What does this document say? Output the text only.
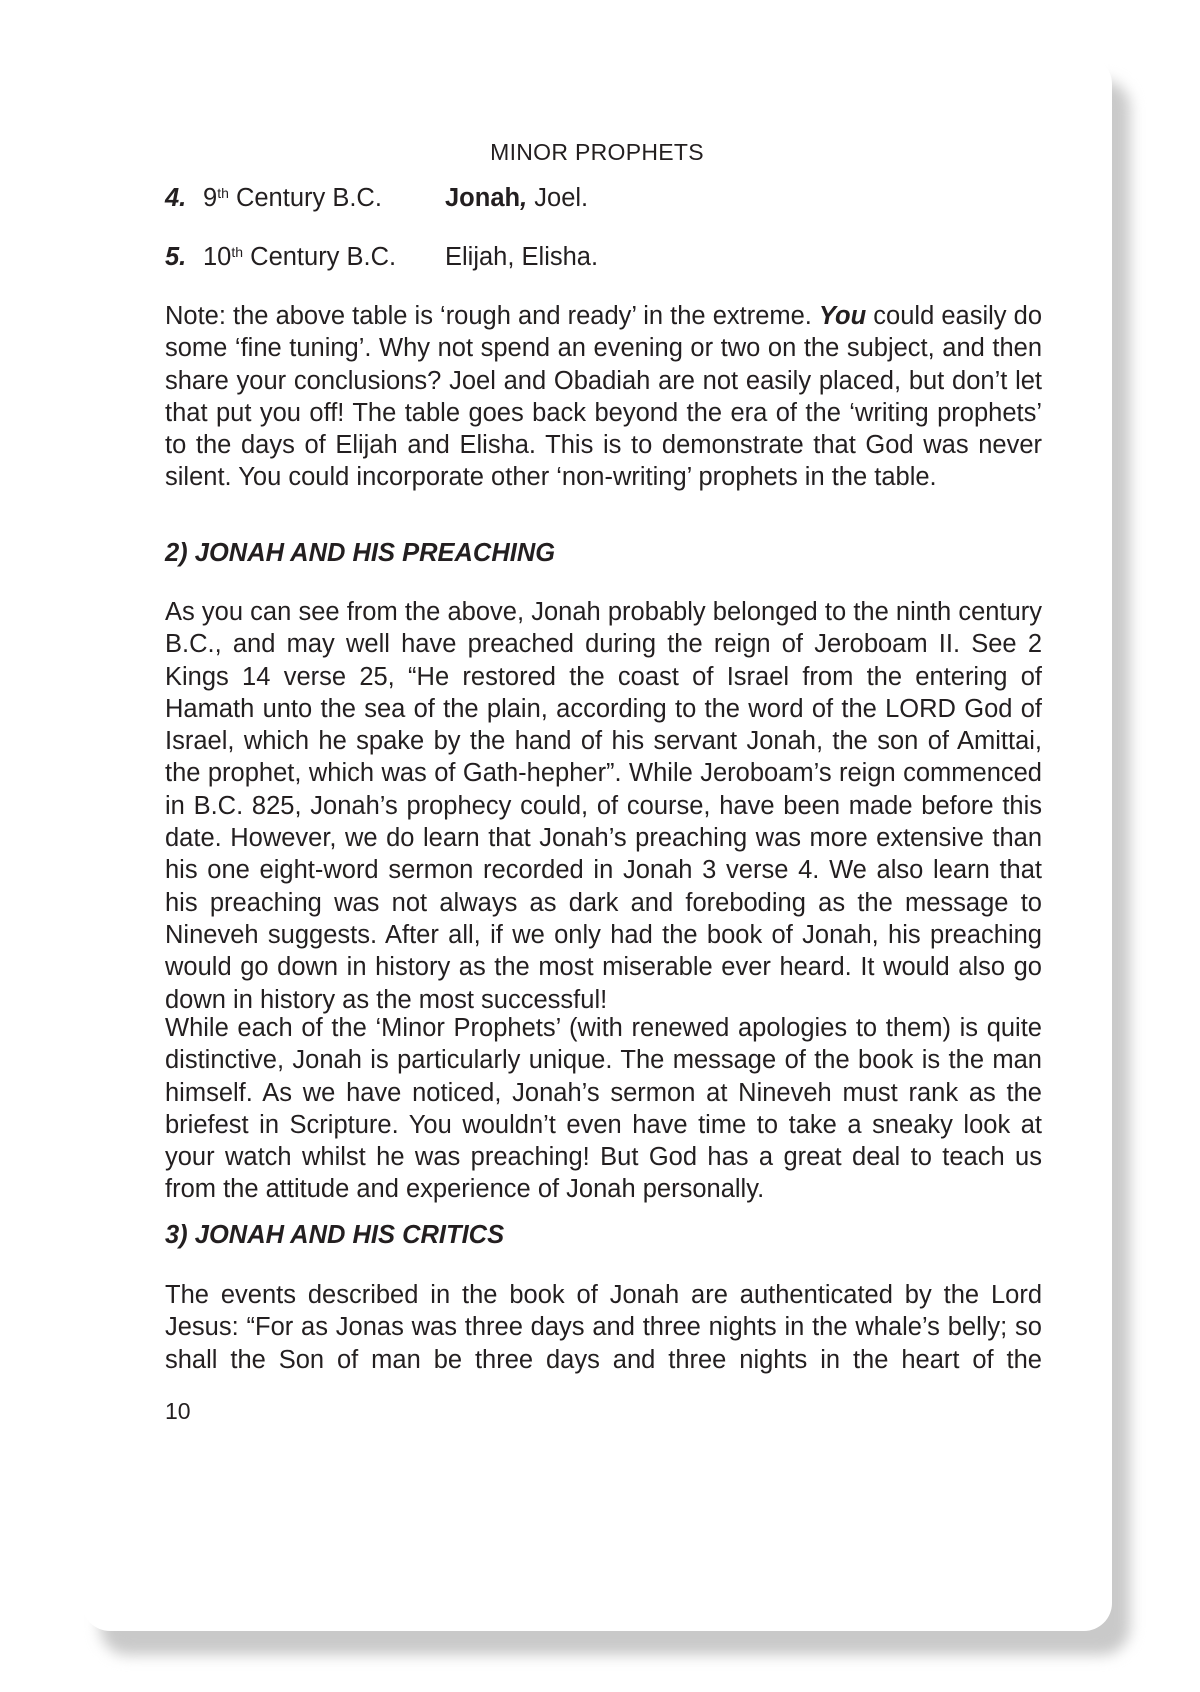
MINOR PROPHETS
4. 9th Century B.C. Jonah, Joel.
5. 10th Century B.C. Elijah, Elisha.
Note: the above table is ‘rough and ready’ in the extreme. You could easily do some ‘fine tuning’. Why not spend an evening or two on the subject, and then share your conclusions? Joel and Obadiah are not easily placed, but don’t let that put you off! The table goes back beyond the era of the ‘writing prophets’ to the days of Elijah and Elisha. This is to demonstrate that God was never silent. You could incorporate other ‘non-writing’ prophets in the table.
2) JONAH AND HIS PREACHING
As you can see from the above, Jonah probably belonged to the ninth century B.C., and may well have preached during the reign of Jeroboam II. See 2 Kings 14 verse 25, “He restored the coast of Israel from the entering of Hamath unto the sea of the plain, according to the word of the LORD God of Israel, which he spake by the hand of his servant Jonah, the son of Amittai, the prophet, which was of Gath-hepher”. While Jeroboam’s reign commenced in B.C. 825, Jonah’s prophecy could, of course, have been made before this date. However, we do learn that Jonah’s preaching was more extensive than his one eight-word sermon recorded in Jonah 3 verse 4. We also learn that his preaching was not always as dark and foreboding as the message to Nineveh suggests. After all, if we only had the book of Jonah, his preaching would go down in history as the most miserable ever heard. It would also go down in history as the most successful!
While each of the ‘Minor Prophets’ (with renewed apologies to them) is quite distinctive, Jonah is particularly unique. The message of the book is the man himself. As we have noticed, Jonah’s sermon at Nineveh must rank as the briefest in Scripture. You wouldn’t even have time to take a sneaky look at your watch whilst he was preaching! But God has a great deal to teach us from the attitude and experience of Jonah personally.
3) JONAH AND HIS CRITICS
The events described in the book of Jonah are authenticated by the Lord Jesus: “For as Jonas was three days and three nights in the whale’s belly; so shall the Son of man be three days and three nights in the heart of the
10
